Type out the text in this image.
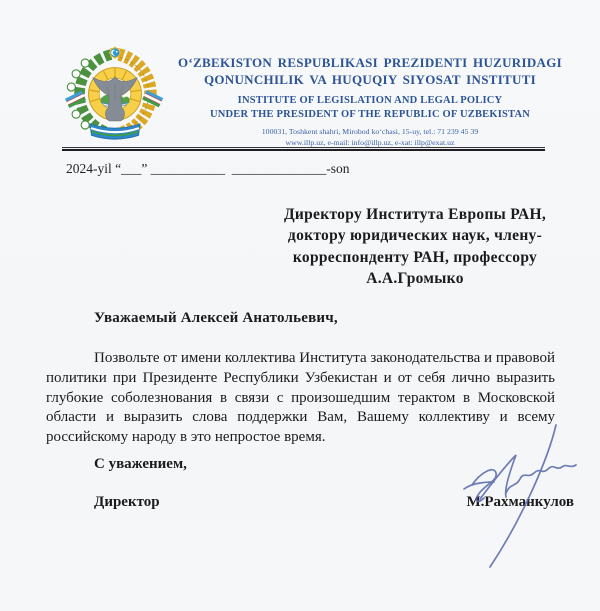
O‘ZBEKISTON RESPUBLIKASI PREZIDENTI HUZURIDAGI
QONUNCHILIK VA HUQUQIY SIYOSAT INSTITUTI
INSTITUTE OF LEGISLATION AND LEGAL POLICY
UNDER THE PRESIDENT OF THE REPUBLIC OF UZBEKISTAN
100031, Toshkent shahri, Mirobod ko‘chasi, 15-uy, tel.: 71 239 45 39
www.illp.uz, e-mail: info@illp.uz, e-xat: illp@exat.uz
2024-yil “___” ___________  ______________-son
Директору Института Европы РАН,
доктору юридических наук, члену-
корреспонденту РАН, профессору
А.А.Громыко

Уважаемый Алексей Анатольевич,

Позвольте от имени коллектива Института законодательства и правовой политики при Президенте Республики Узбекистан и от себя лично выразить глубокие соболезнования в связи с произошедшим терактом в Московской области и выразить слова поддержки Вам, Вашему коллективу и всему российскому народу в это непростое время.

С уважением,

Директор	М.Рахманкулов
